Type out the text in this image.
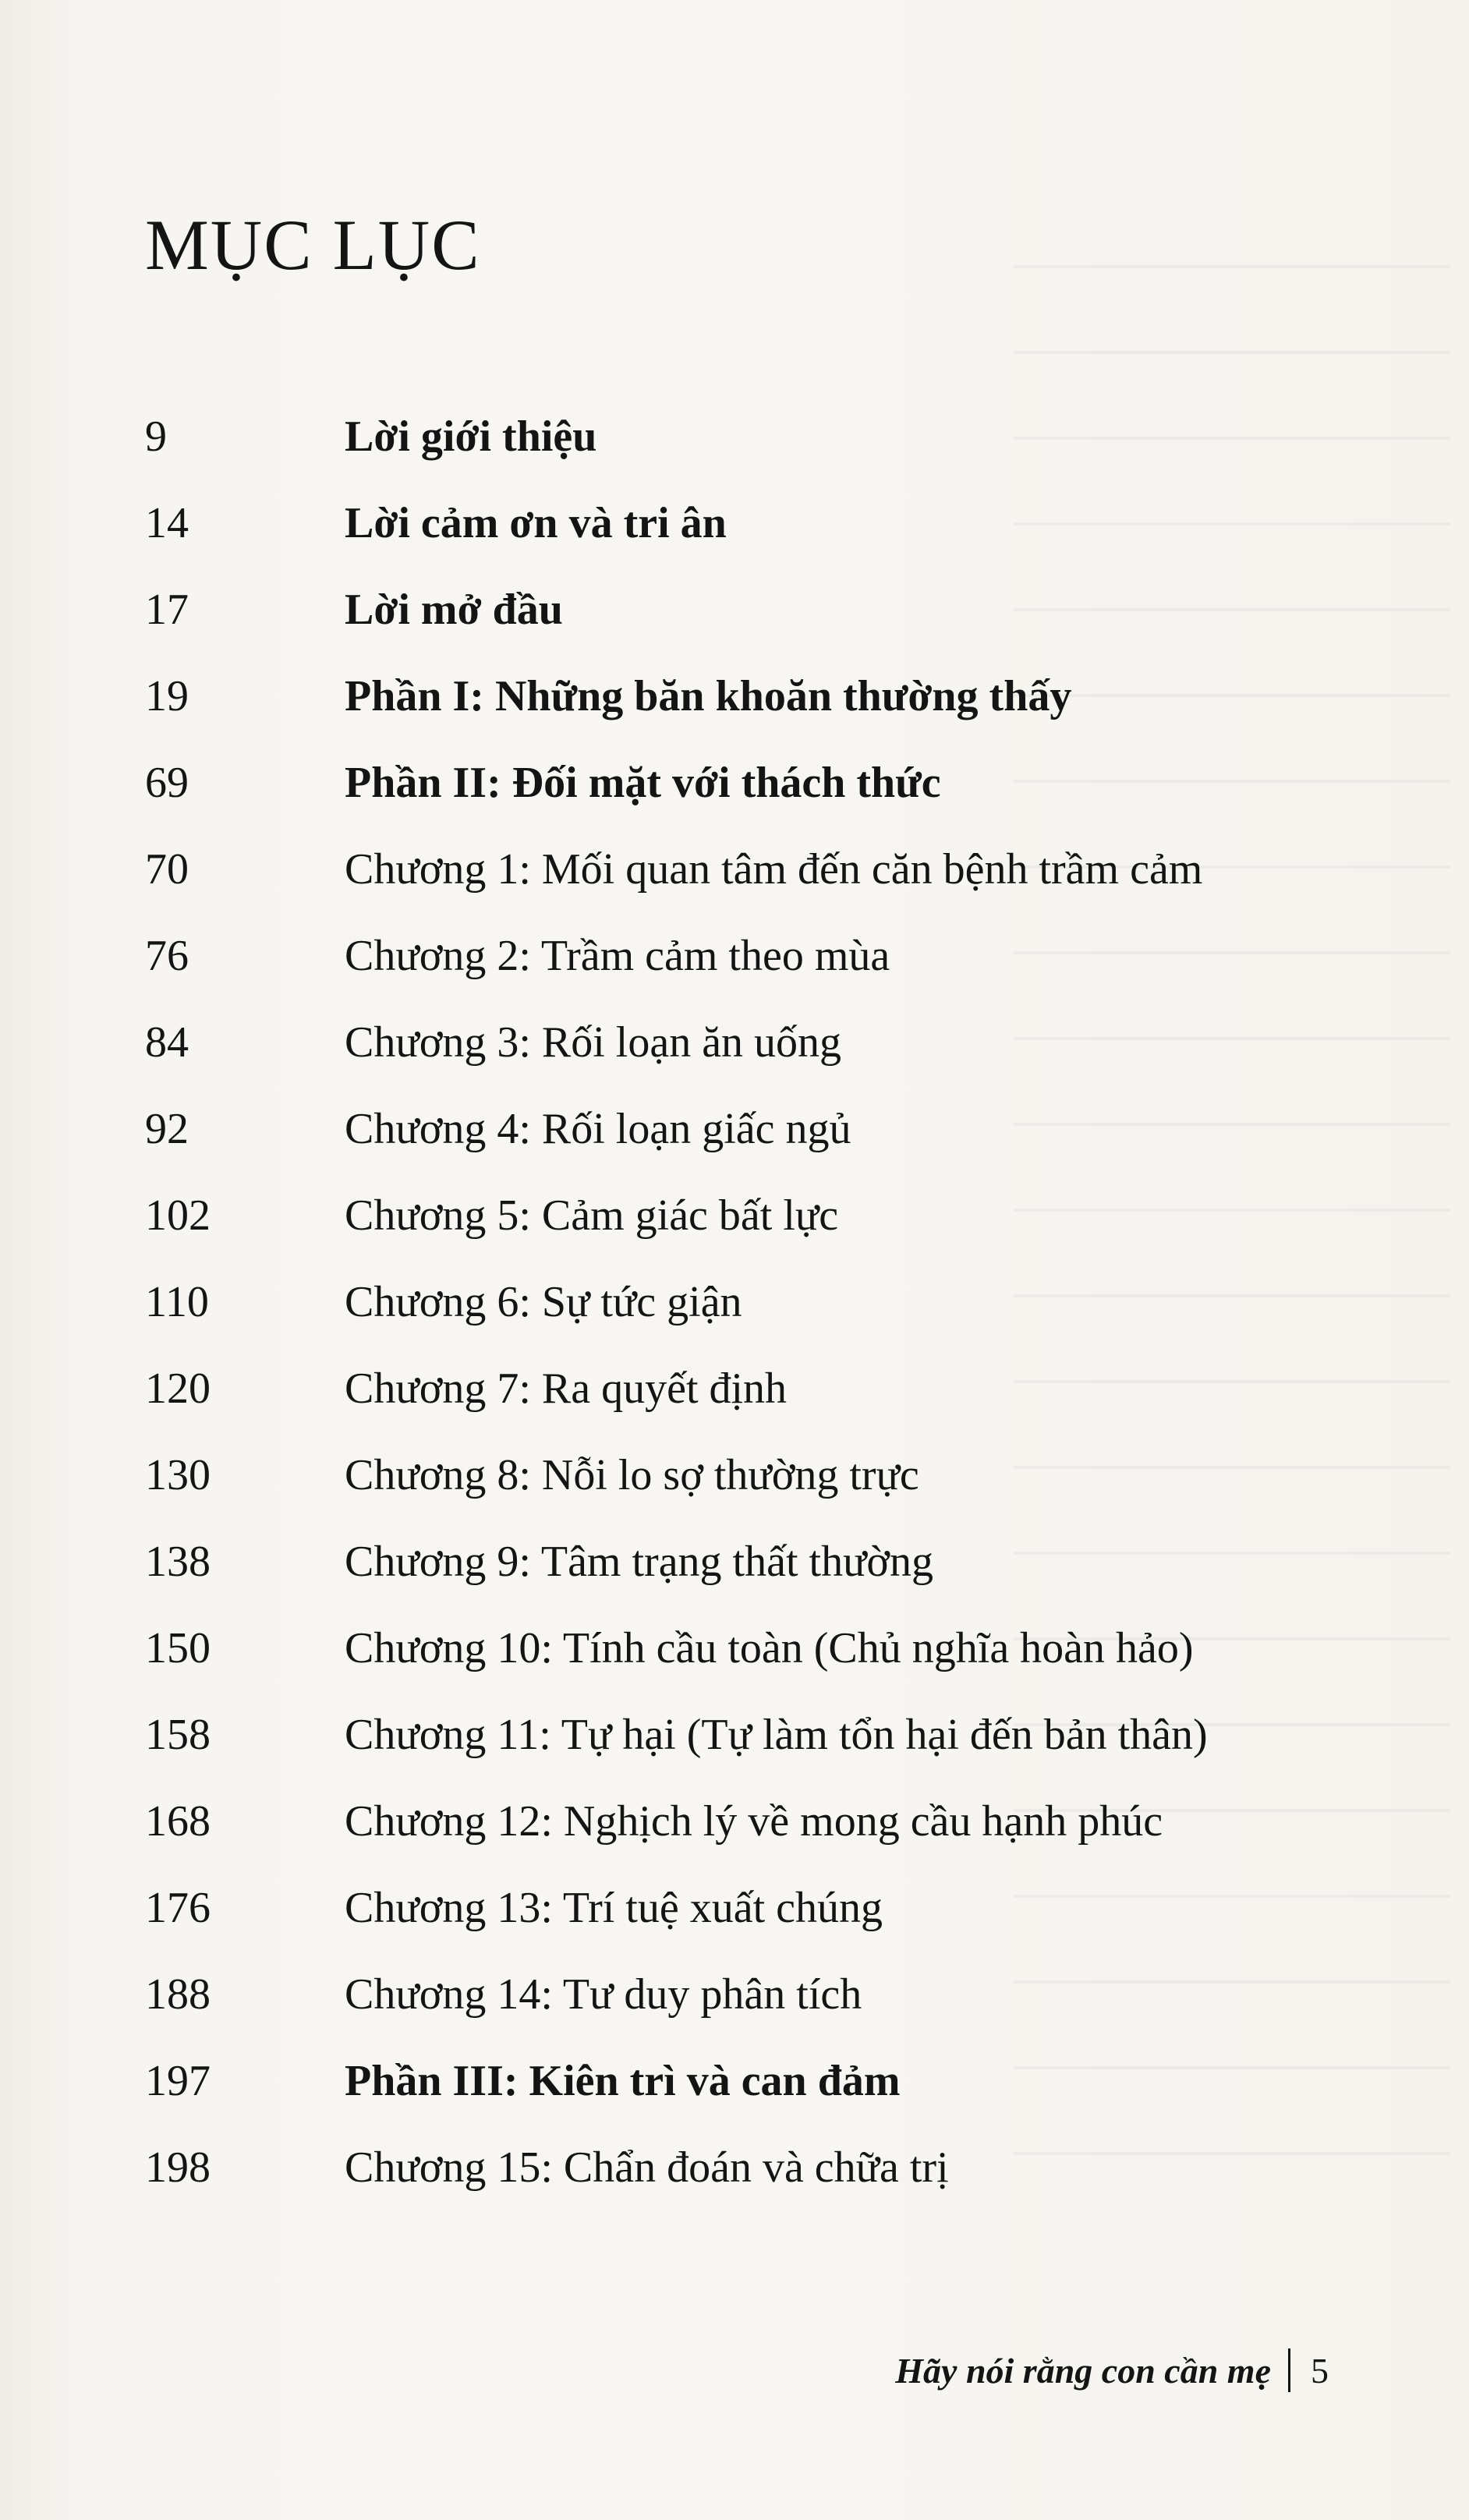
MỤC LỤC
9	Lời giới thiệu
14	Lời cảm ơn và tri ân
17	Lời mở đầu
19	Phần I: Những băn khoăn thường thấy
69	Phần II: Đối mặt với thách thức
70	Chương 1: Mối quan tâm đến căn bệnh trầm cảm
76	Chương 2: Trầm cảm theo mùa
84	Chương 3: Rối loạn ăn uống
92	Chương 4: Rối loạn giấc ngủ
102	Chương 5: Cảm giác bất lực
110	Chương 6: Sự tức giận
120	Chương 7: Ra quyết định
130	Chương 8: Nỗi lo sợ thường trực
138	Chương 9: Tâm trạng thất thường
150	Chương 10: Tính cầu toàn (Chủ nghĩa hoàn hảo)
158	Chương 11: Tự hại (Tự làm tổn hại đến bản thân)
168	Chương 12: Nghịch lý về mong cầu hạnh phúc
176	Chương 13: Trí tuệ xuất chúng
188	Chương 14: Tư duy phân tích
197	Phần III: Kiên trì và can đảm
198	Chương 15: Chẩn đoán và chữa trị
Hãy nói rằng con cần mẹ 5
